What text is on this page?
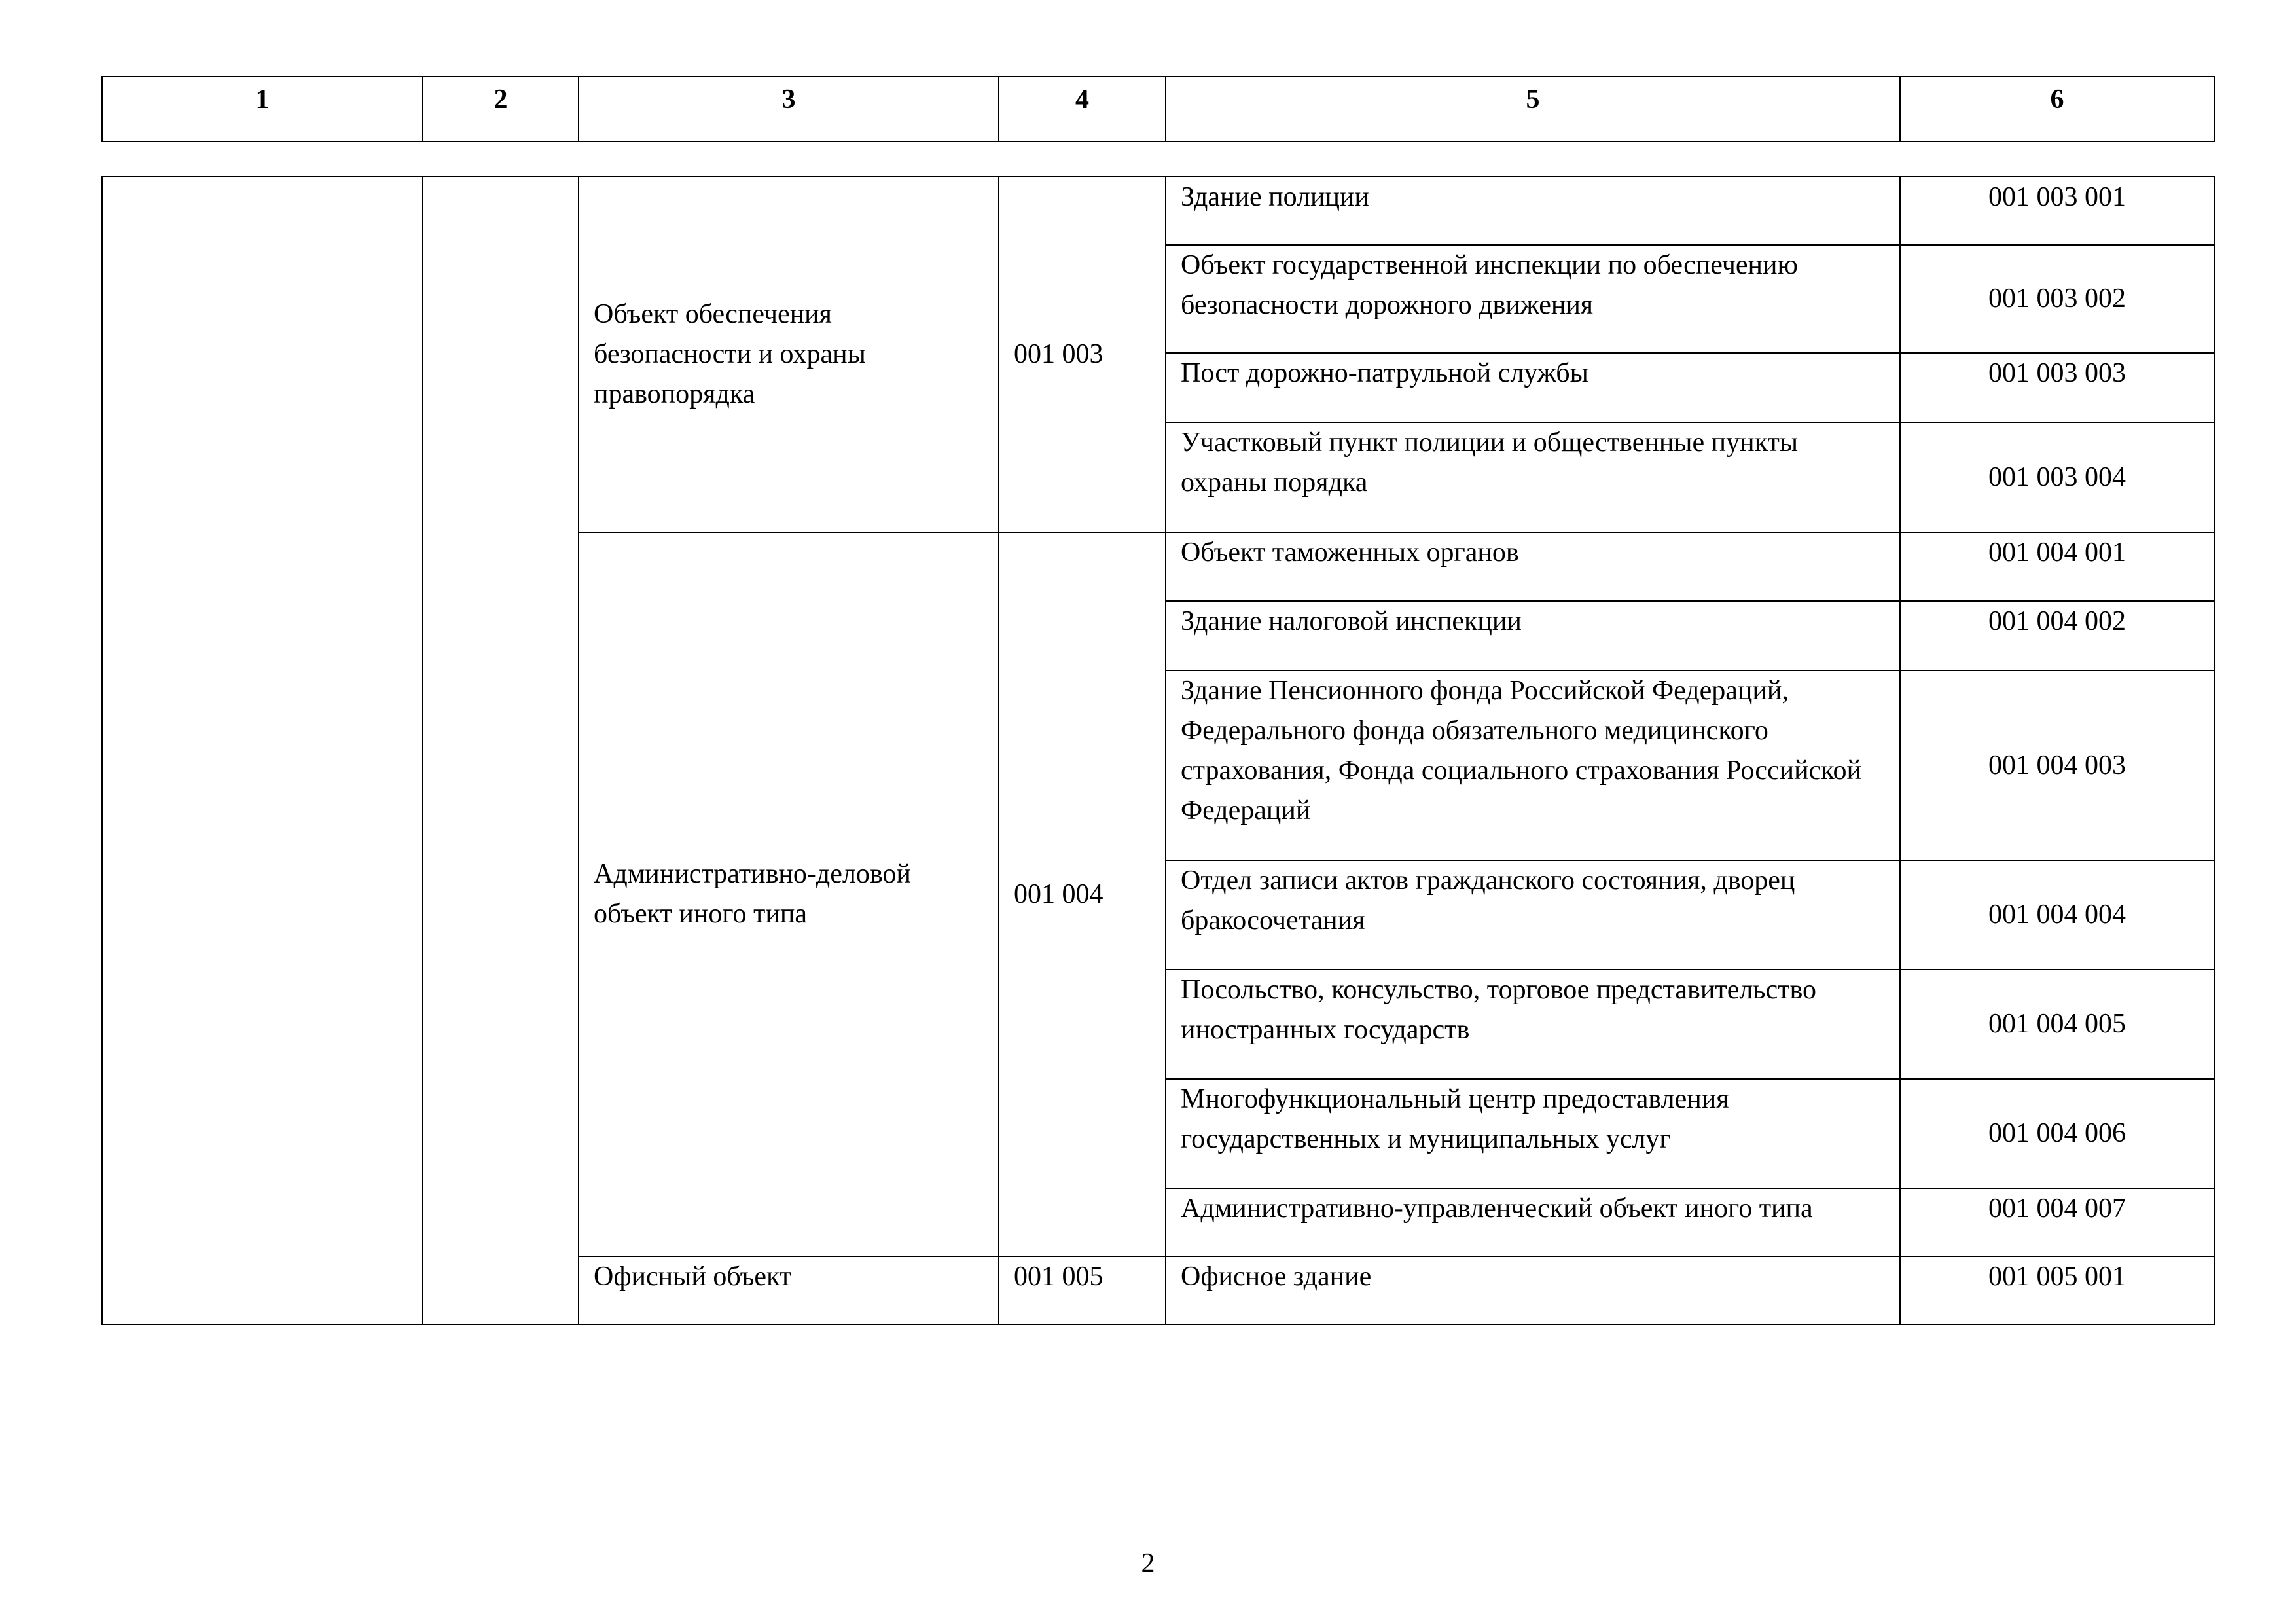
1	2	3	4	5	6
		Объект обеспечения безопасности и охраны правопорядка	001 003	Здание полиции	001 003 001
				Объект государственной инспекции по обеспечению безопасности дорожного движения	001 003 002
				Пост дорожно-патрульной службы	001 003 003
				Участковый пункт полиции и общественные пункты охраны порядка	001 003 004
		Административно-деловой объект иного типа	001 004	Объект таможенных органов	001 004 001
				Здание налоговой инспекции	001 004 002
				Здание Пенсионного фонда Российской Федераций, Федерального фонда обязательного медицинского страхования, Фонда социального страхования Российской Федераций	001 004 003
				Отдел записи актов гражданского состояния, дворец бракосочетания	001 004 004
				Посольство, консульство, торговое представительство иностранных государств	001 004 005
				Многофункциональный центр предоставления государственных и муниципальных услуг	001 004 006
				Административно-управленческий объект иного типа	001 004 007
		Офисный объект	001 005	Офисное здание	001 005 001
2
